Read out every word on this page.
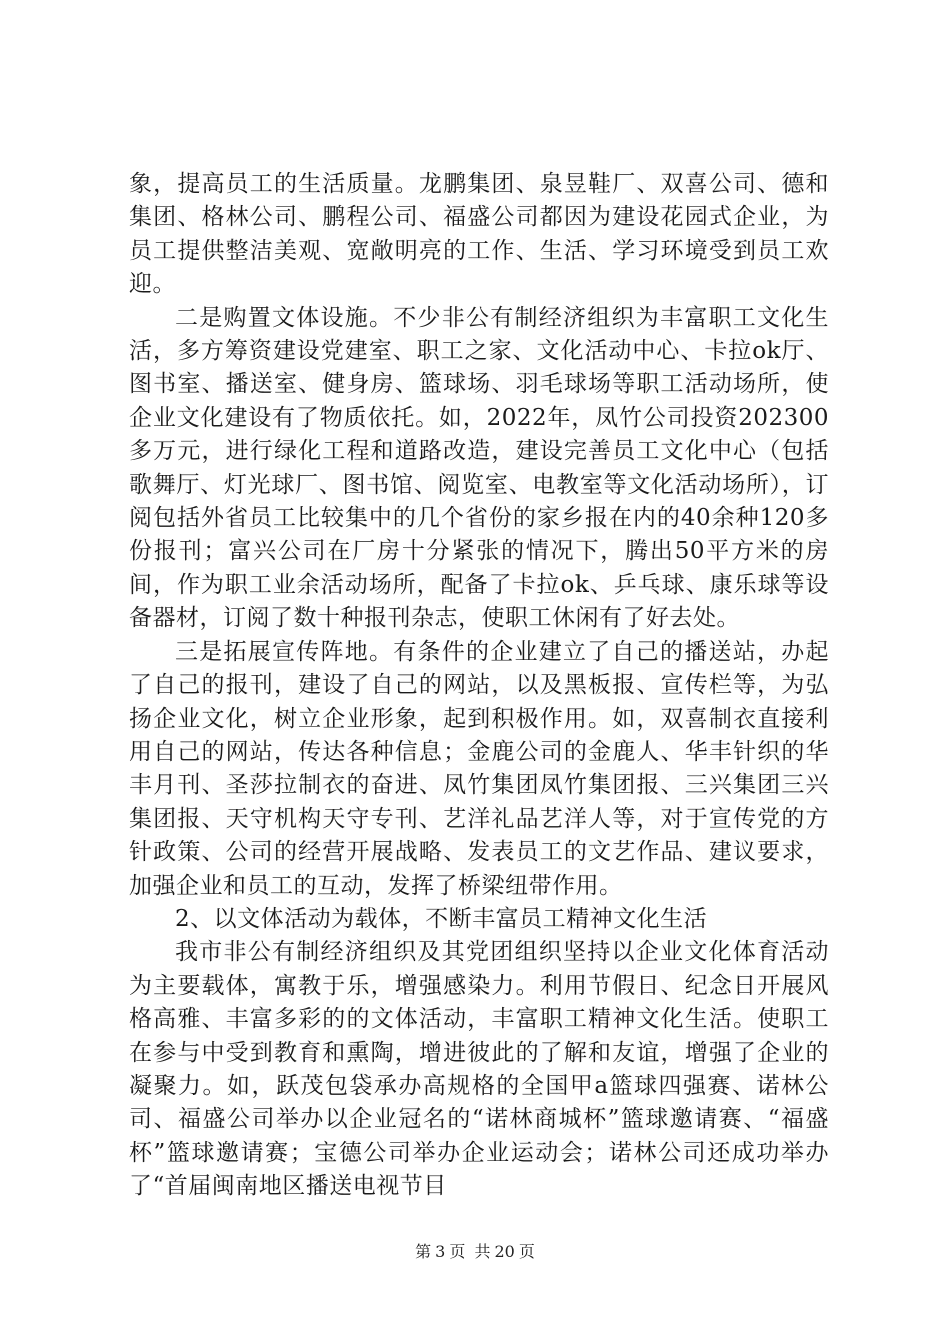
象，提高员工的生活质量。龙鹏集团、泉昱鞋厂、双喜公司、德和集团、格林公司、鹏程公司、福盛公司都因为建设花园式企业，为员工提供整洁美观、宽敞明亮的工作、生活、学习环境受到员工欢迎。

二是购置文体设施。不少非公有制经济组织为丰富职工文化生活，多方筹资建设党建室、职工之家、文化活动中心、卡拉ok厅、图书室、播送室、健身房、篮球场、羽毛球场等职工活动场所，使企业文化建设有了物质依托。如，2022年，凤竹公司投资202300多万元，进行绿化工程和道路改造，建设完善员工文化中心（包括歌舞厅、灯光球厂、图书馆、阅览室、电教室等文化活动场所），订阅包括外省员工比较集中的几个省份的家乡报在内的40余种120多份报刊；富兴公司在厂房十分紧张的情况下，腾出50平方米的房间，作为职工业余活动场所，配备了卡拉ok、乒乓球、康乐球等设备器材，订阅了数十种报刊杂志，使职工休闲有了好去处。

三是拓展宣传阵地。有条件的企业建立了自己的播送站，办起了自己的报刊，建设了自己的网站，以及黑板报、宣传栏等，为弘扬企业文化，树立企业形象，起到积极作用。如，双喜制衣直接利用自己的网站，传达各种信息；金鹿公司的金鹿人、华丰针织的华丰月刊、圣莎拉制衣的奋进、凤竹集团凤竹集团报、三兴集团三兴集团报、天守机构天守专刊、艺洋礼品艺洋人等，对于宣传党的方针政策、公司的经营开展战略、发表员工的文艺作品、建议要求，加强企业和员工的互动，发挥了桥梁纽带作用。

2、以文体活动为载体，不断丰富员工精神文化生活

我市非公有制经济组织及其党团组织坚持以企业文化体育活动为主要载体，寓教于乐，增强感染力。利用节假日、纪念日开展风格高雅、丰富多彩的的文体活动，丰富职工精神文化生活。使职工在参与中受到教育和熏陶，增进彼此的了解和友谊，增强了企业的凝聚力。如，跃茂包袋承办高规格的全国甲a篮球四强赛、诺林公司、福盛公司举办以企业冠名的“诺林商城杯”篮球邀请赛、“福盛杯”篮球邀请赛；宝德公司举办企业运动会；诺林公司还成功举办了“首届闽南地区播送电视节目

第 3 页 共 20 页
